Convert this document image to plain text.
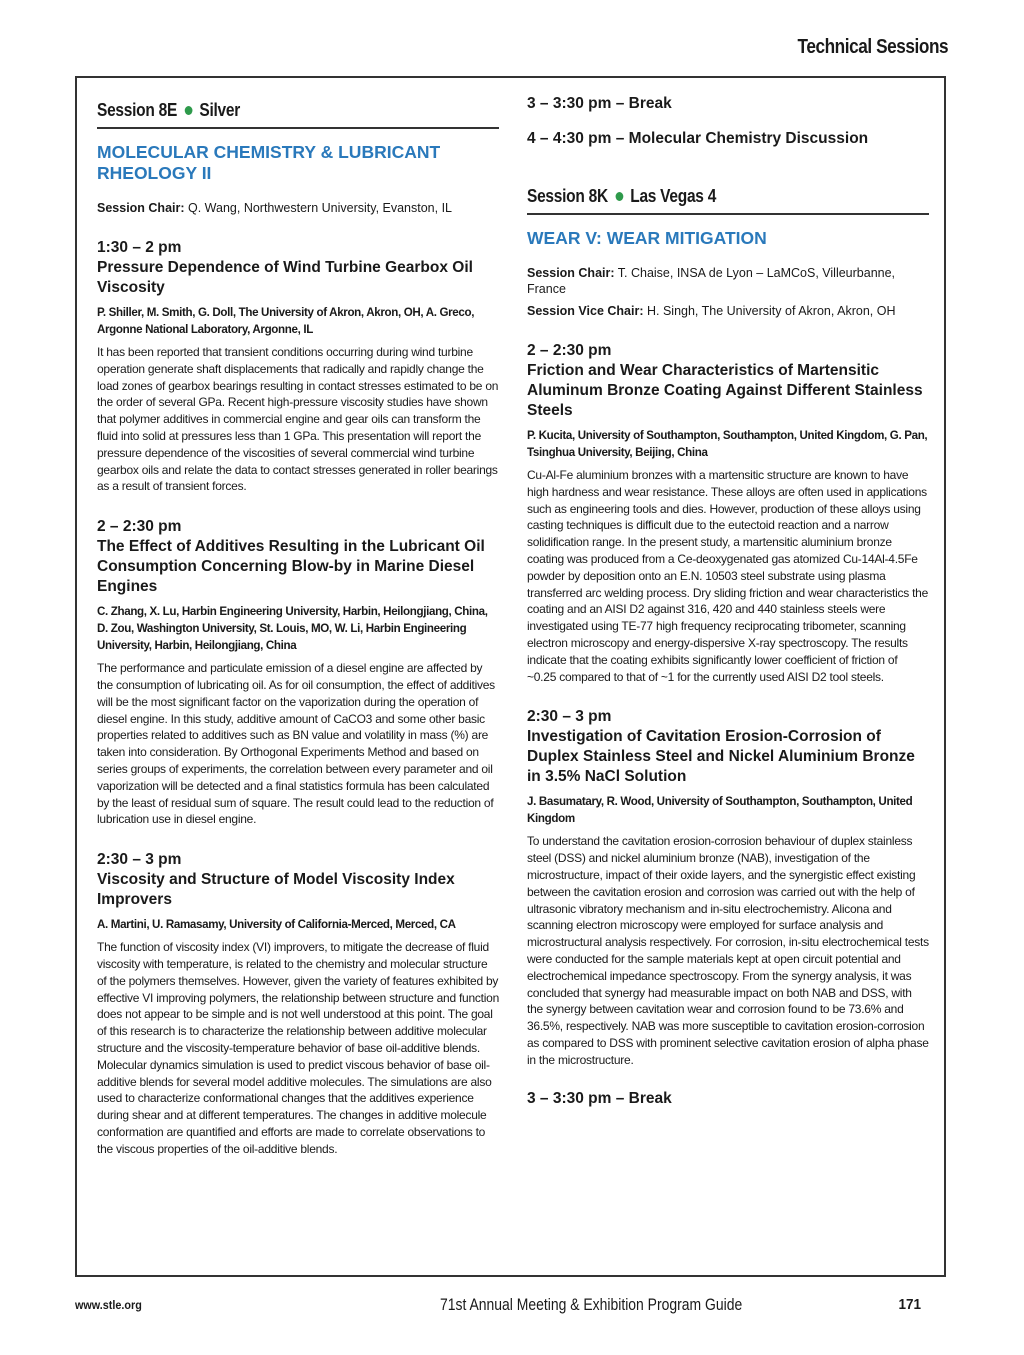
Technical Sessions
Session 8E Silver
MOLECULAR CHEMISTRY & LUBRICANT RHEOLOGY II
Session Chair: Q. Wang, Northwestern University, Evanston, IL
1:30 – 2 pm
Pressure Dependence of Wind Turbine Gearbox Oil Viscosity
P. Shiller, M. Smith, G. Doll, The University of Akron, Akron, OH, A. Greco, Argonne National Laboratory, Argonne, IL
It has been reported that transient conditions occurring during wind turbine operation generate shaft displacements that radically and rapidly change the load zones of gearbox bearings resulting in contact stresses estimated to be on the order of several GPa. Recent high-pressure viscosity studies have shown that polymer additives in commercial engine and gear oils can transform the fluid into solid at pressures less than 1 GPa. This presentation will report the pressure dependence of the viscosities of several commercial wind turbine gearbox oils and relate the data to contact stresses generated in roller bearings as a result of transient forces.
2 – 2:30 pm
The Effect of Additives Resulting in the Lubricant Oil Consumption Concerning Blow-by in Marine Diesel Engines
C. Zhang, X. Lu, Harbin Engineering University, Harbin, Heilongjiang, China, D. Zou, Washington University, St. Louis, MO, W. Li, Harbin Engineering University, Harbin, Heilongjiang, China
The performance and particulate emission of a diesel engine are affected by the consumption of lubricating oil. As for oil consumption, the effect of additives will be the most significant factor on the vaporization during the operation of diesel engine. In this study, additive amount of CaCO3 and some other basic properties related to additives such as BN value and volatility in mass (%) are taken into consideration. By Orthogonal Experiments Method and based on series groups of experiments, the correlation between every parameter and oil vaporization will be detected and a final statistics formula has been calculated by the least of residual sum of square. The result could lead to the reduction of lubrication use in diesel engine.
2:30 – 3 pm
Viscosity and Structure of Model Viscosity Index Improvers
A. Martini, U. Ramasamy, University of California-Merced, Merced, CA
The function of viscosity index (VI) improvers, to mitigate the decrease of fluid viscosity with temperature, is related to the chemistry and molecular structure of the polymers themselves. However, given the variety of features exhibited by effective VI improving polymers, the relationship between structure and function does not appear to be simple and is not well understood at this point. The goal of this research is to characterize the relationship between additive molecular structure and the viscosity-temperature behavior of base oil-additive blends. Molecular dynamics simulation is used to predict viscous behavior of base oil-additive blends for several model additive molecules. The simulations are also used to characterize conformational changes that the additives experience during shear and at different temperatures. The changes in additive molecule conformation are quantified and efforts are made to correlate observations to the viscous properties of the oil-additive blends.
3 – 3:30 pm – Break
4 – 4:30 pm – Molecular Chemistry Discussion
Session 8K Las Vegas 4
WEAR V: WEAR MITIGATION
Session Chair: T. Chaise, INSA de Lyon – LaMCoS, Villeurbanne, France
Session Vice Chair: H. Singh, The University of Akron, Akron, OH
2 – 2:30 pm
Friction and Wear Characteristics of Martensitic Aluminum Bronze Coating Against Different Stainless Steels
P. Kucita, University of Southampton, Southampton, United Kingdom, G. Pan, Tsinghua University, Beijing, China
Cu-Al-Fe aluminium bronzes with a martensitic structure are known to have high hardness and wear resistance. These alloys are often used in applications such as engineering tools and dies. However, production of these alloys using casting techniques is difficult due to the eutectoid reaction and a narrow solidification range. In the present study, a martensitic aluminium bronze coating was produced from a Ce-deoxygenated gas atomized Cu-14Al-4.5Fe powder by deposition onto an E.N. 10503 steel substrate using plasma transferred arc welding process. Dry sliding friction and wear characteristics the coating and an AISI D2 against 316, 420 and 440 stainless steels were investigated using TE-77 high frequency reciprocating tribometer, scanning electron microscopy and energy-dispersive X-ray spectroscopy. The results indicate that the coating exhibits significantly lower coefficient of friction of ~0.25 compared to that of ~1 for the currently used AISI D2 tool steels.
2:30 – 3 pm
Investigation of Cavitation Erosion-Corrosion of Duplex Stainless Steel and Nickel Aluminium Bronze in 3.5% NaCl Solution
J. Basumatary, R. Wood, University of Southampton, Southampton, United Kingdom
To understand the cavitation erosion-corrosion behaviour of duplex stainless steel (DSS) and nickel aluminium bronze (NAB), investigation of the microstructure, impact of their oxide layers, and the synergistic effect existing between the cavitation erosion and corrosion was carried out with the help of ultrasonic vibratory mechanism and in-situ electrochemistry. Alicona and scanning electron microscopy were employed for surface analysis and microstructural analysis respectively. For corrosion, in-situ electrochemical tests were conducted for the sample materials kept at open circuit potential and electrochemical impedance spectroscopy. From the synergy analysis, it was concluded that synergy had measurable impact on both NAB and DSS, with the synergy between cavitation wear and corrosion found to be 73.6% and 36.5%, respectively. NAB was more susceptible to cavitation erosion-corrosion as compared to DSS with prominent selective cavitation erosion of alpha phase in the microstructure.
3 – 3:30 pm – Break
www.stle.org	71st Annual Meeting & Exhibition Program Guide	171
